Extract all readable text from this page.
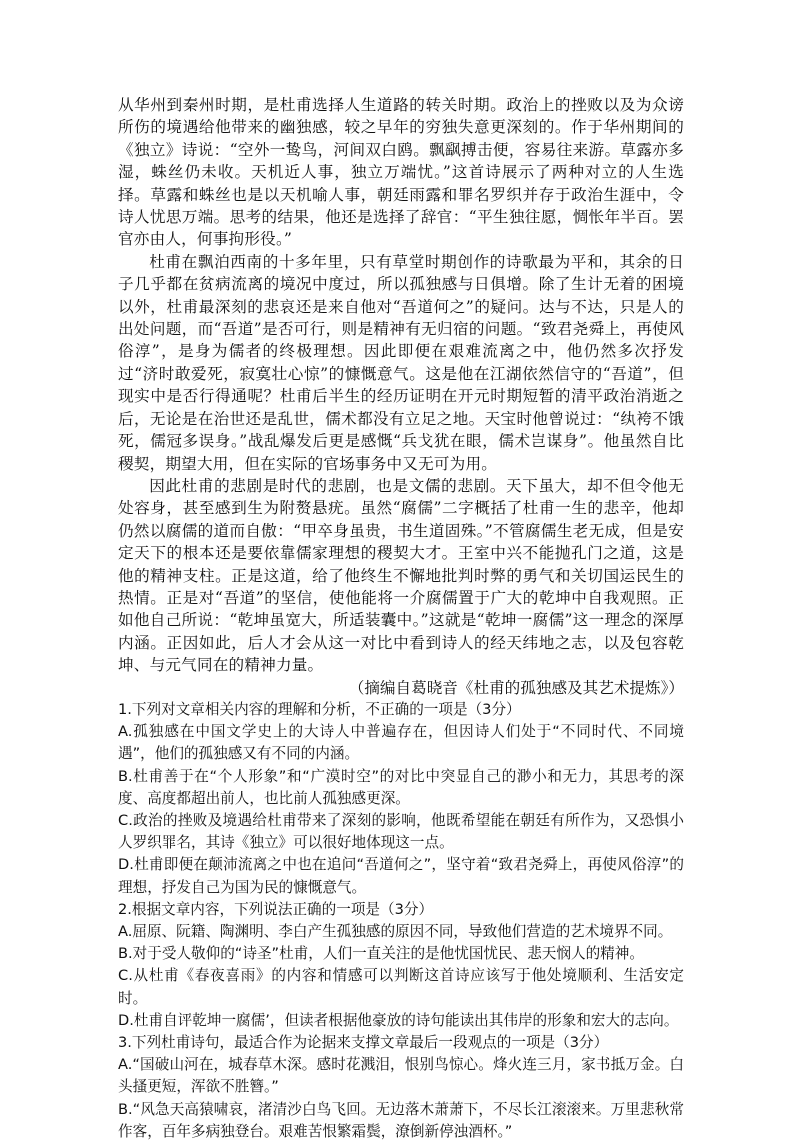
从华州到秦州时期，是杜甫选择人生道路的转关时期。政治上的挫败以及为众谤所伤的境遇给他带来的幽独感，较之早年的穷独失意更深刻的。作于华州期间的《独立》诗说：“空外一鸷鸟，河间双白鸥。飘飖搏击便，容易往来游。草露亦多湿，蛛丝仍未收。天机近人事，独立万端忧。”这首诗展示了两种对立的人生选择。草露和蛛丝也是以天机喻人事，朝廷雨露和罪名罗织并存于政治生涯中，令诗人忧思万端。思考的结果，他还是选择了辞官：“平生独往愿，惆怅年半百。罢官亦由人，何事拘形役。”

杜甫在飘泊西南的十多年里，只有草堂时期创作的诗歌最为平和，其余的日子几乎都在贫病流离的境况中度过，所以孤独感与日俱增。除了生计无着的困境以外，杜甫最深刻的悲哀还是来自他对“吾道何之”的疑问。达与不达，只是人的出处问题，而“吾道”是否可行，则是精神有无归宿的问题。“致君尧舜上，再使风俗淳”，是身为儒者的终极理想。因此即便在艰难流离之中，他仍然多次抒发过“济时敢爱死，寂寞壮心惊”的慷慨意气。这是他在江湖依然信守的“吾道”，但现实中是否行得通呢？杜甫后半生的经历证明在开元时期短暂的清平政治消逝之后，无论是在治世还是乱世，儒术都没有立足之地。天宝时他曾说过：“纨袴不饿死，儒冠多误身。”战乱爆发后更是感慨“兵戈犹在眼，儒术岂谋身”。他虽然自比稷契，期望大用，但在实际的官场事务中又无可为用。

因此杜甫的悲剧是时代的悲剧，也是文儒的悲剧。天下虽大，却不但令他无处容身，甚至感到生为附赘悬疣。虽然“腐儒”二字概括了杜甫一生的悲辛，他却仍然以腐儒的道而自傲：“甲卒身虽贵，书生道固殊。”不管腐儒生老无成，但是安定天下的根本还是要依靠儒家理想的稷契大才。王室中兴不能抛孔门之道，这是他的精神支柱。正是这道，给了他终生不懈地批判时弊的勇气和关切国运民生的热情。正是对“吾道”的坚信，使他能将一介腐儒置于广大的乾坤中自我观照。正如他自己所说：“乾坤虽宽大，所适装囊中。”这就是“乾坤一腐儒”这一理念的深厚内涵。正因如此，后人才会从这一对比中看到诗人的经天纬地之志，以及包容乾坤、与元气同在的精神力量。

（摘编自葛晓音《杜甫的孤独感及其艺术提炼》）

1.下列对文章相关内容的理解和分析，不正确的一项是（3分）

A.孤独感在中国文学史上的大诗人中普遍存在，但因诗人们处于“不同时代、不同境遇”，他们的孤独感又有不同的内涵。

B.杜甫善于在“个人形象”和“广漠时空”的对比中突显自己的渺小和无力，其思考的深度、高度都超出前人，也比前人孤独感更深。

C.政治的挫败及境遇给杜甫带来了深刻的影响，他既希望能在朝廷有所作为，又恐惧小人罗织罪名，其诗《独立》可以很好地体现这一点。

D.杜甫即便在颠沛流离之中也在追问“吾道何之”，坚守着“致君尧舜上，再使风俗淳”的理想，抒发自己为国为民的慷慨意气。

2.根据文章内容，下列说法正确的一项是（3分）

A.屈原、阮籍、陶渊明、李白产生孤独感的原因不同，导致他们营造的艺术境界不同。

B.对于受人敬仰的“诗圣”杜甫，人们一直关注的是他忧国忧民、悲天悯人的精神。

C.从杜甫《春夜喜雨》的内容和情感可以判断这首诗应该写于他处境顺利、生活安定时。

D.杜甫自评乾坤一腐儒’，但读者根据他豪放的诗句能读出其伟岸的形象和宏大的志向。

3.下列杜甫诗句，最适合作为论据来支撑文章最后一段观点的一项是（3分）

A.“国破山河在，城春草木深。感时花溅泪，恨别鸟惊心。烽火连三月，家书抵万金。白头搔更短，浑欲不胜簪。”

B.“风急天高猿啸哀，渚清沙白鸟飞回。无边落木萧萧下，不尽长江滚滚来。万里悲秋常作客，百年多病独登台。艰难苦恨繁霜鬓，潦倒新停浊酒杯。”
